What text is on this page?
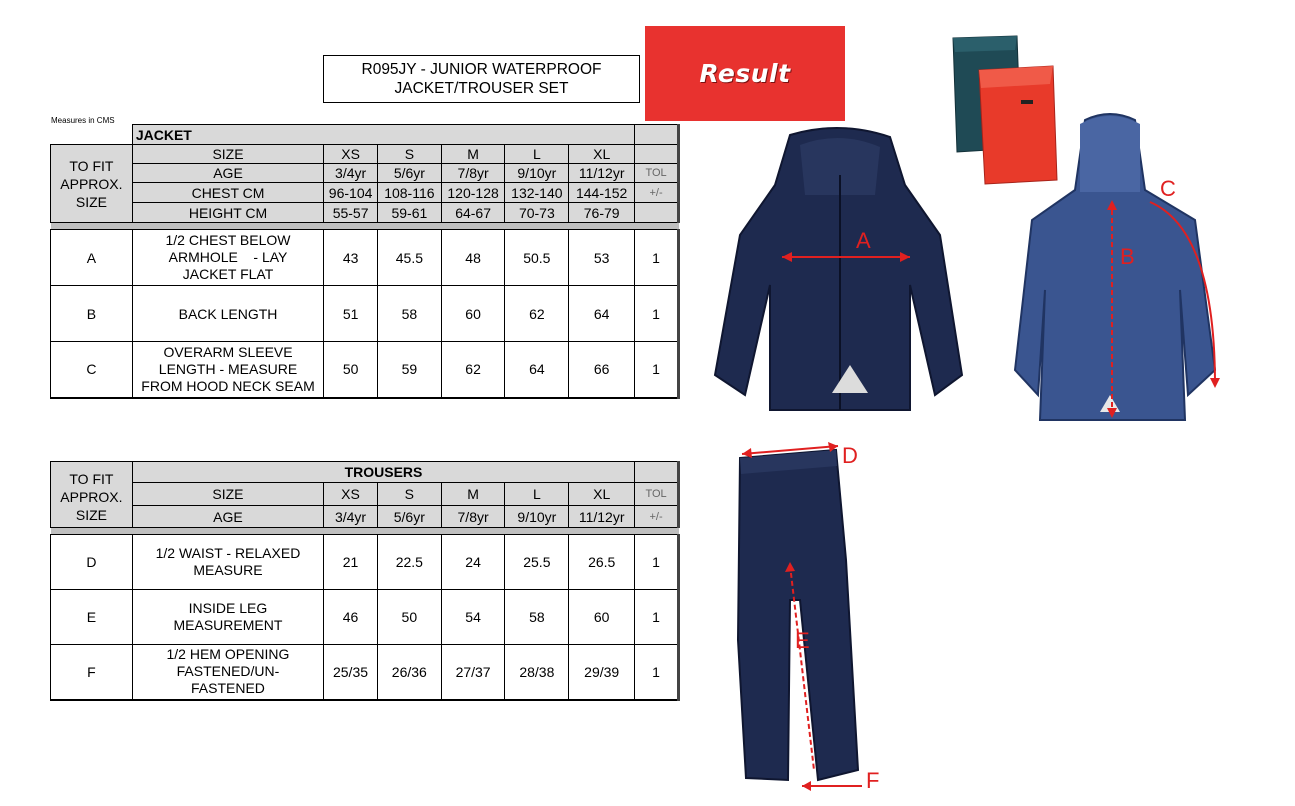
R095JY - JUNIOR WATERPROOF
JACKET/TROUSER SET
Result
Measures in CMS
	JACKET						

TO FIT
APPROX.
SIZE	SIZE	XS	S	M	L	XL	
	AGE	3/4yr	5/6yr	7/8yr	9/10yr	11/12yr	TOL
	CHEST CM	96-104	108-116	120-128	132-140	144-152	+/-
	HEIGHT CM	55-57	59-61	64-67	70-73	76-79	

A	1/2 CHEST BELOW
ARMHOLE    - LAY
JACKET FLAT	43	45.5	48	50.5	53	1
B	BACK LENGTH	51	58	60	62	64	1
C	OVERARM SLEEVE
LENGTH - MEASURE
FROM HOOD NECK SEAM	50	59	62	64	66	1
TO FIT
APPROX.
SIZE	TROUSERS						
	SIZE	XS	S	M	L	XL	TOL
	AGE	3/4yr	5/6yr	7/8yr	9/10yr	11/12yr	+/-

D	1/2 WAIST - RELAXED
MEASURE	21	22.5	24	25.5	26.5	1
E	INSIDE LEG
MEASUREMENT	46	50	54	58	60	1
F	1/2 HEM OPENING
FASTENED/UN-
FASTENED	25/35	26/36	27/37	28/38	29/39	1
A
B
C
D
E
F
